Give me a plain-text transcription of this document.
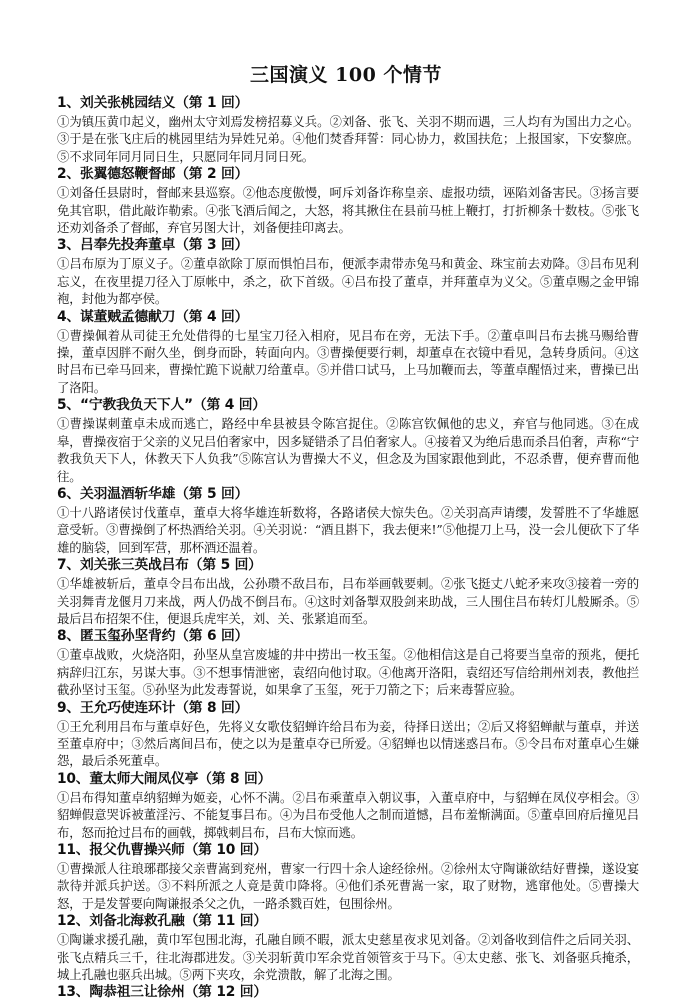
三国演义 100 个情节
1、刘关张桃园结义（第 1 回）
①为镇压黄巾起义，幽州太守刘焉发榜招募义兵。②刘备、张飞、关羽不期而遇，三人均有为国出力之心。③于是在张飞庄后的桃园里结为异姓兄弟。④他们焚香拜誓：同心协力，救国扶危；上报国家，下安黎庶。⑤不求同年同月同日生，只愿同年同月同日死。
2、张翼德怒鞭督邮（第 2 回）
①刘备任县尉时，督邮来县巡察。②他态度傲慢，呵斥刘备诈称皇亲、虚报功绩，诬陷刘备害民。③扬言要免其官职，借此敲诈勒索。④张飞酒后闻之，大怒，将其揪住在县前马桩上鞭打，打折柳条十数枝。⑤张飞还劝刘备杀了督邮，弃官另图大计，刘备便挂印离去。
3、吕奉先投奔董卓（第 3 回）
①吕布原为丁原义子。②董卓欲除丁原而惧怕吕布，便派李肃带赤兔马和黄金、珠宝前去劝降。③吕布见利忘义，在夜里提刀径入丁原帐中，杀之，砍下首级。④吕布投了董卓，并拜董卓为义父。⑤董卓赐之金甲锦袍，封他为都亭侯。
4、谋董贼孟德献刀（第 4 回）
①曹操佩着从司徒王允处借得的七星宝刀径入相府，见吕布在旁，无法下手。②董卓叫吕布去挑马赐给曹操，董卓因胖不耐久坐，倒身而卧，转面向内。③曹操便要行刺，却董卓在衣镜中看见，急转身质问。④这时吕布已牵马回来，曹操忙跪下说献刀给董卓。⑤并借口试马，上马加鞭而去，等董卓醒悟过来，曹操已出了洛阳。
5、“宁教我负天下人”（第 4 回）
①曹操谋刺董卓未成而逃亡，路经中牟县被县令陈宫捉住。②陈宫钦佩他的忠义，弃官与他同逃。③在成皋，曹操夜宿于父亲的义兄吕伯奢家中，因多疑错杀了吕伯奢家人。④接着又为绝后患而杀吕伯奢，声称“宁教我负天下人，休教天下人负我”⑤陈宫认为曹操大不义，但念及为国家跟他到此，不忍杀曹，便弃曹而他往。
6、关羽温酒斩华雄（第 5 回）
①十八路诸侯讨伐董卓，董卓大将华雄连斩数将，各路诸侯大惊失色。②关羽高声请缨，发誓胜不了华雄愿意受斩。③曹操倒了杯热酒给关羽。④关羽说：“酒且斟下，我去便来!”⑤他提刀上马，没一会儿便砍下了华雄的脑袋，回到军营，那杯酒还温着。
7、刘关张三英战吕布（第 5 回）
①华雄被斩后，董卓令吕布出战，公孙瓒不敌吕布，吕布举画戟要刺。②张飞挺丈八蛇矛来攻③接着一旁的关羽舞青龙偃月刀来战，两人仍战不倒吕布。④这时刘备掣双股剑来助战，三人围住吕布转灯儿般厮杀。⑤最后吕布招架不住，便退兵虎牢关，刘、关、张紧追而至。
8、匿玉玺孙坚背约（第 6 回）
①董卓战败，火烧洛阳，孙坚从皇宫废墟的井中捞出一枚玉玺。②他相信这是自己将要当皇帝的预兆，便托病辞归江东，另谋大事。③不想事情泄密，袁绍向他讨取。④他离开洛阳，袁绍还写信给荆州刘表，教他拦截孙坚讨玉玺。⑤孙坚为此发毒誓说，如果拿了玉玺，死于刀箭之下；后来毒誓应验。
9、王允巧使连环计（第 8 回）
①王允利用吕布与董卓好色，先将义女歌伎貂蝉许给吕布为妾，待择日送出；②后又将貂蝉献与董卓，并送至董卓府中；③然后离间吕布，使之以为是董卓夺已所爱。④貂蝉也以情迷惑吕布。⑤令吕布对董卓心生嫌怨，最后杀死董卓。
10、董太师大闹凤仪亭（第 8 回）
①吕布得知董卓纳貂蝉为姬妾，心怀不满。②吕布乘董卓入朝议事，入董卓府中，与貂蝉在凤仪亭相会。③貂蝉假意哭诉被董淫污、不能复事吕布。④为吕布受他人之制而道憾，吕布羞惭满面。⑤董卓回府后撞见吕布，怒而抢过吕布的画戟，掷戟刺吕布，吕布大惊而逃。
11、报父仇曹操兴师（第 10 回）
①曹操派人往琅琊郡接父亲曹嵩到兖州，曹家一行四十余人途经徐州。②徐州太守陶谦欲结好曹操，遂设宴款待并派兵护送。③不料所派之人竟是黄巾降将。④他们杀死曹嵩一家，取了财物，逃窜他处。⑤曹操大怒，于是发誓要向陶谦报杀父之仇，一路杀戮百姓，包围徐州。
12、刘备北海救孔融（第 11 回）
①陶谦求援孔融，黄巾军包围北海，孔融自顾不暇，派太史慈星夜求见刘备。②刘备收到信件之后同关羽、张飞点精兵三千，往北海郡进发。③关羽斩黄巾军余党首领管亥于马下。④太史慈、张飞、刘备驱兵掩杀，城上孔融也驱兵出城。⑤两下夹攻，余党溃散，解了北海之围。
13、陶恭祖三让徐州（第 12 回）
